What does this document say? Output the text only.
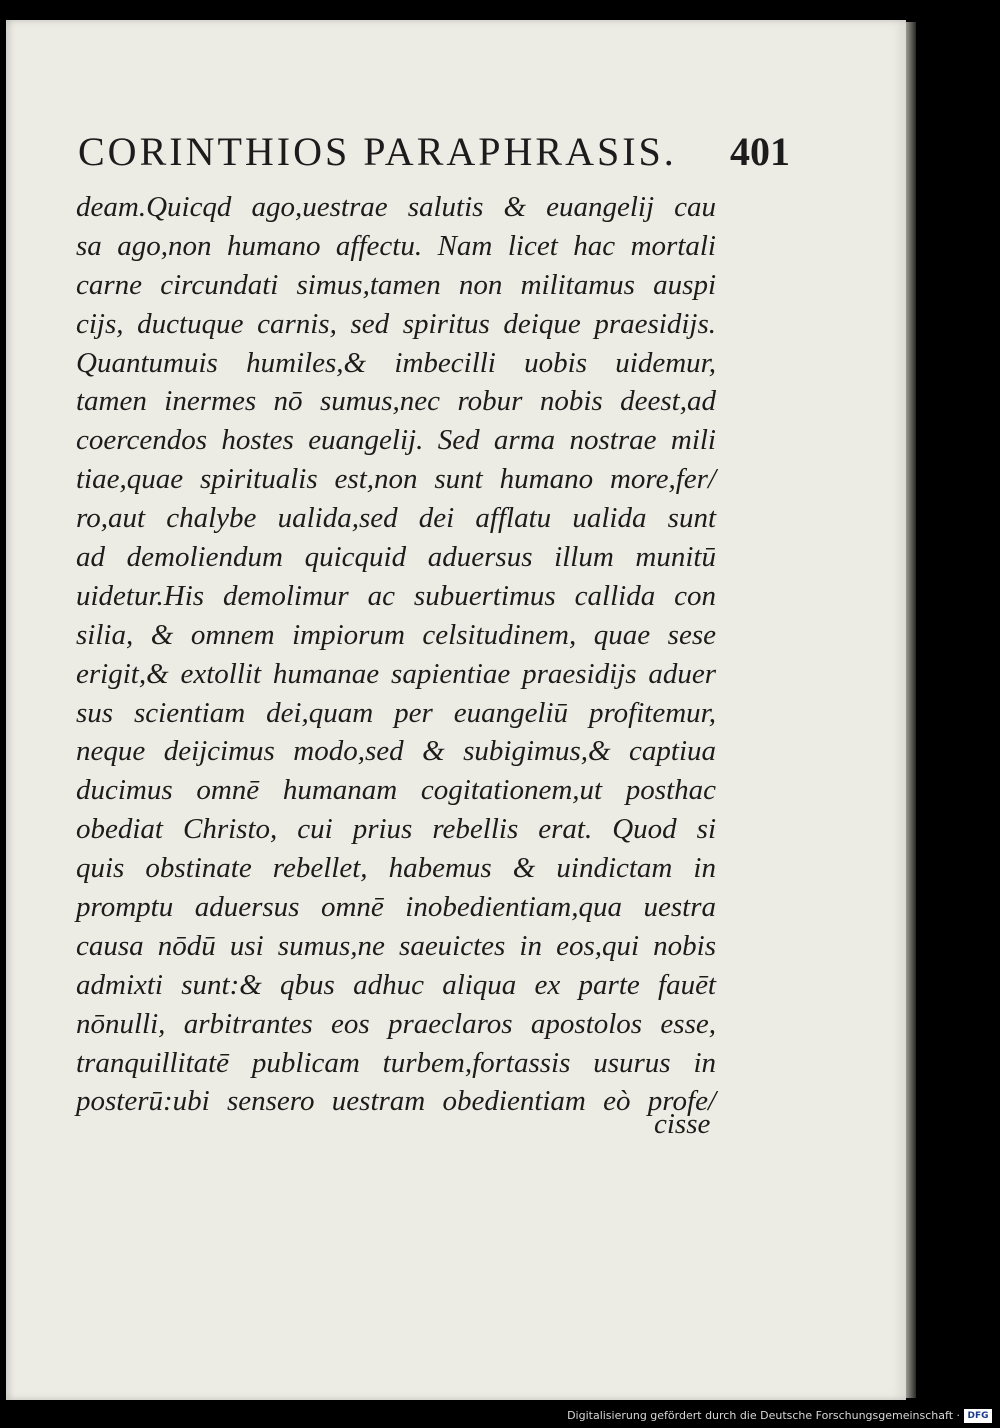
CORINTHIOS PARAPHRASIS.	401
deam.Quicqd ago,uestrae salutis & euangelij cau
sa ago,non humano affectu. Nam licet hac mortali
carne circundati simus,tamen non militamus auspi
cijs, ductuque carnis, sed spiritus deique praesidijs.
Quantumuis humiles,& imbecilli uobis uidemur,
tamen inermes nō sumus,nec robur nobis deest,ad
coercendos hostes euangelij. Sed arma nostrae mili
tiae,quae spiritualis est,non sunt humano more,fer/
ro,aut chalybe ualida,sed dei afflatu ualida sunt
ad demoliendum quicquid aduersus illum munitū
uidetur.His demolimur ac subuertimus callida con
silia, & omnem impiorum celsitudinem, quae sese
erigit,& extollit humanae sapientiae praesidijs aduer
sus scientiam dei,quam per euangeliū profitemur,
neque deijcimus modo,sed & subigimus,& captiua
ducimus omnē humanam cogitationem,ut posthac
obediat Christo, cui prius rebellis erat. Quod si
quis obstinate rebellet, habemus & uindictam in
promptu aduersus omnē inobedientiam,qua uestra
causa nōdū usi sumus,ne saeuictes in eos,qui nobis
admixti sunt:& qbus adhuc aliqua ex parte fauēt
nōnulli, arbitrantes eos praeclaros apostolos esse,
tranquillitatē publicam turbem,fortassis usurus in
posterū:ubi sensero uestram obedientiam eò profe/
cisse
Digitalisierung gefördert durch die Deutsche Forschungsgemeinschaft · DFG
